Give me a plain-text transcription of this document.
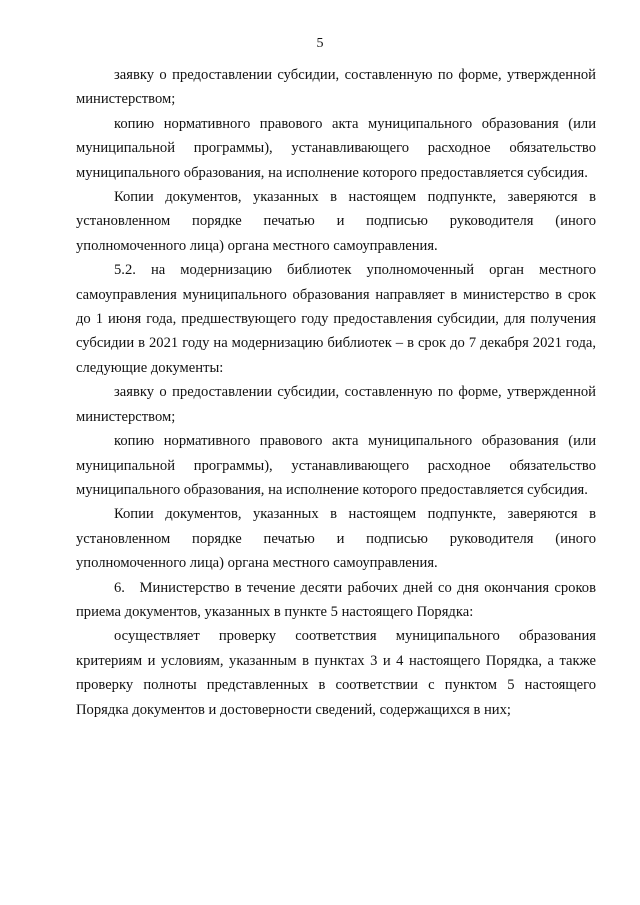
5

заявку о предоставлении субсидии, составленную по форме, утвержденной министерством;

копию нормативного правового акта муниципального образования (или муниципальной программы), устанавливающего расходное обязательство муниципального образования, на исполнение которого предоставляется субсидия.

Копии документов, указанных в настоящем подпункте, заверяются в установленном порядке печатью и подписью руководителя (иного уполномоченного лица) органа местного самоуправления.

5.2. на модернизацию библиотек уполномоченный орган местного самоуправления муниципального образования направляет в министерство в срок до 1 июня года, предшествующего году предоставления субсидии, для получения субсидии в 2021 году на модернизацию библиотек – в срок до 7 декабря 2021 года, следующие документы:

заявку о предоставлении субсидии, составленную по форме, утвержденной министерством;

копию нормативного правового акта муниципального образования (или муниципальной программы), устанавливающего расходное обязательство муниципального образования, на исполнение которого предоставляется субсидия.

Копии документов, указанных в настоящем подпункте, заверяются в установленном порядке печатью и подписью руководителя (иного уполномоченного лица) органа местного самоуправления.

6. Министерство в течение десяти рабочих дней со дня окончания сроков приема документов, указанных в пункте 5 настоящего Порядка:

осуществляет проверку соответствия муниципального образования критериям и условиям, указанным в пунктах 3 и 4 настоящего Порядка, а также проверку полноты представленных в соответствии с пунктом 5 настоящего Порядка документов и достоверности сведений, содержащихся в них;
